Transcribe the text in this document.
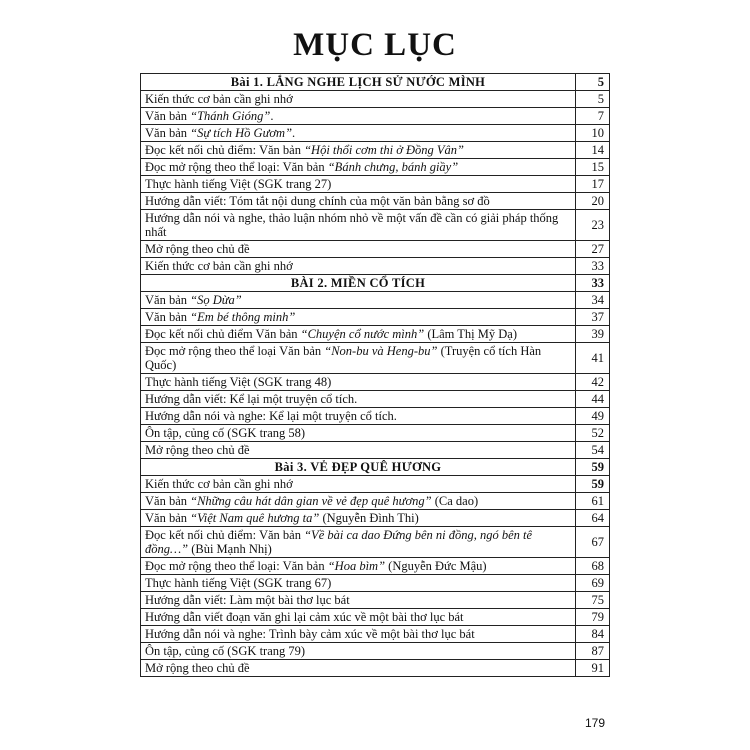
MỤC LỤC
Bài 1. LẮNG NGHE LỊCH SỬ NƯỚC MÌNH	5
Kiến thức cơ bản cần ghi nhớ	5
Văn bản “Thánh Gióng”.	7
Văn bản “Sự tích Hồ Gươm”.	10
Đọc kết nối chủ điểm: Văn bản “Hội thổi cơm thi ở Đồng Vân”	14
Đọc mở rộng theo thể loại: Văn bản “Bánh chưng, bánh giầy”	15
Thực hành tiếng Việt (SGK trang 27)	17
Hướng dẫn viết: Tóm tắt nội dung chính của một văn bản bằng sơ đồ	20
Hướng dẫn nói và nghe, thảo luận nhóm nhỏ về một vấn đề cần có giải pháp thống nhất	23
Mở rộng theo chủ đề	27
Kiến thức cơ bản cần ghi nhớ	33
BÀI 2. MIỀN CỔ TÍCH	33
Văn bản “Sọ Dừa”	34
Văn bản “Em bé thông minh”	37
Đọc kết nối chủ điểm Văn bản “Chuyện cổ nước mình” (Lâm Thị Mỹ Dạ)	39
Đọc mở rộng theo thể loại Văn bản “Non-bu và Heng-bu” (Truyện cổ tích Hàn Quốc)	41
Thực hành tiếng Việt (SGK trang 48)	42
Hướng dẫn viết: Kể lại một truyện cổ tích.	44
Hướng dẫn nói và nghe: Kể lại một truyện cổ tích.	49
Ôn tập, củng cố (SGK trang 58)	52
Mở rộng theo chủ đề	54
Bài 3. VẺ ĐẸP QUÊ HƯƠNG	59
Kiến thức cơ bản cần ghi nhớ	59
Văn bản “Những câu hát dân gian về vẻ đẹp quê hương” (Ca dao)	61
Văn bản “Việt Nam quê hương ta” (Nguyễn Đình Thi)	64
Đọc kết nối chủ điểm: Văn bản “Về bài ca dao Đứng bên ni đồng, ngó bên tê đồng…” (Bùi Mạnh Nhị)	67
Đọc mở rộng theo thể loại: Văn bản “Hoa bìm” (Nguyễn Đức Mậu)	68
Thực hành tiếng Việt (SGK trang 67)	69
Hướng dẫn viết: Làm một bài thơ lục bát	75
Hướng dẫn viết đoạn văn ghi lại cảm xúc về một bài thơ lục bát	79
Hướng dẫn nói và nghe: Trình bày cảm xúc về một bài thơ lục bát	84
Ôn tập, củng cố (SGK trang 79)	87
Mở rộng theo chủ đề	91
179
